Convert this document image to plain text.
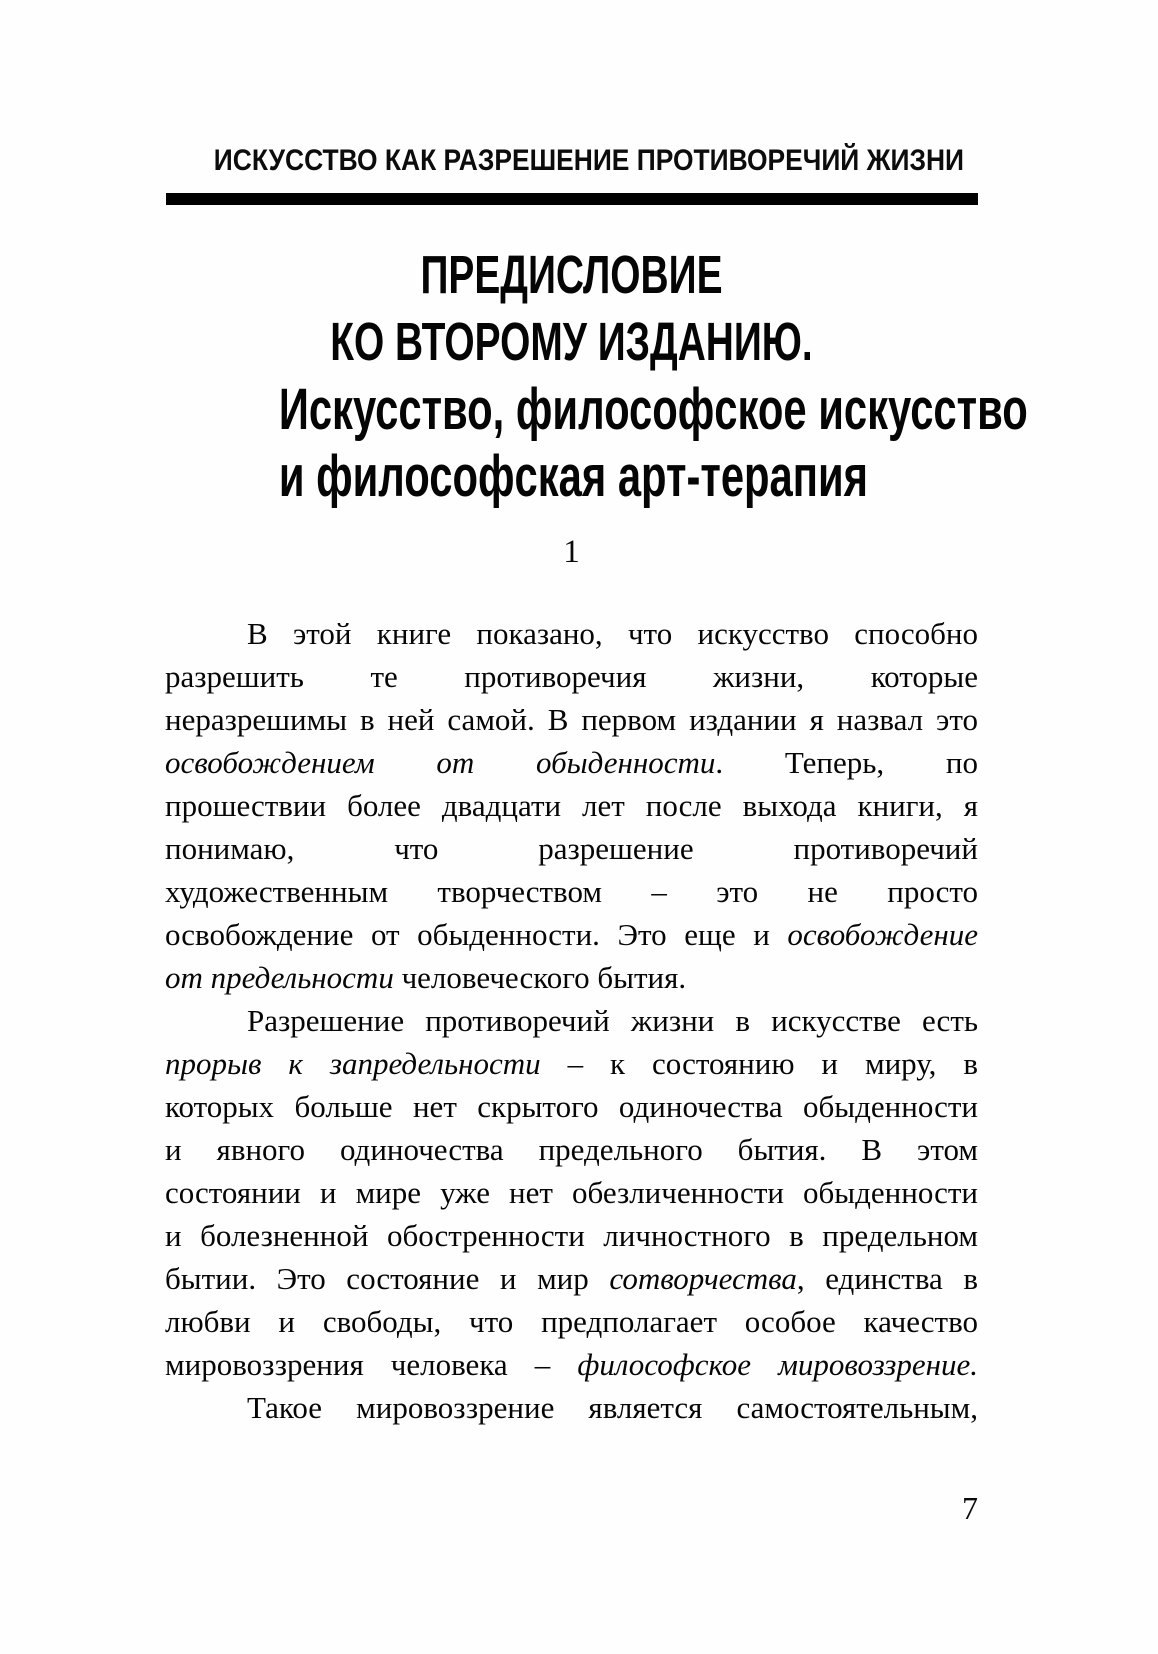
ИСКУССТВО КАК РАЗРЕШЕНИЕ ПРОТИВОРЕЧИЙ ЖИЗНИ
ПРЕДИСЛОВИЕ
КО ВТОРОМУ ИЗДАНИЮ.
Искусство, философское искусство
и философская арт-терапия
1
В этой книге показано, что искусство способно
разрешить те противоречия жизни, которые
неразрешимы в ней самой. В первом издании я назвал это
освобождением от обыденности. Теперь, по
прошествии более двадцати лет после выхода книги, я
понимаю, что разрешение противоречий
художественным творчеством – это не просто
освобождение от обыденности. Это еще и освобождение
от предельности человеческого бытия.
Разрешение противоречий жизни в искусстве есть
прорыв к запредельности – к состоянию и миру, в
которых больше нет скрытого одиночества обыденности
и явного одиночества предельного бытия. В этом
состоянии и мире уже нет обезличенности обыденности
и болезненной обостренности личностного в предельном
бытии. Это состояние и мир сотворчества, единства в
любви и свободы, что предполагает особое качество
мировоззрения человека – философское мировоззрение.
Такое мировоззрение является самостоятельным,
7
